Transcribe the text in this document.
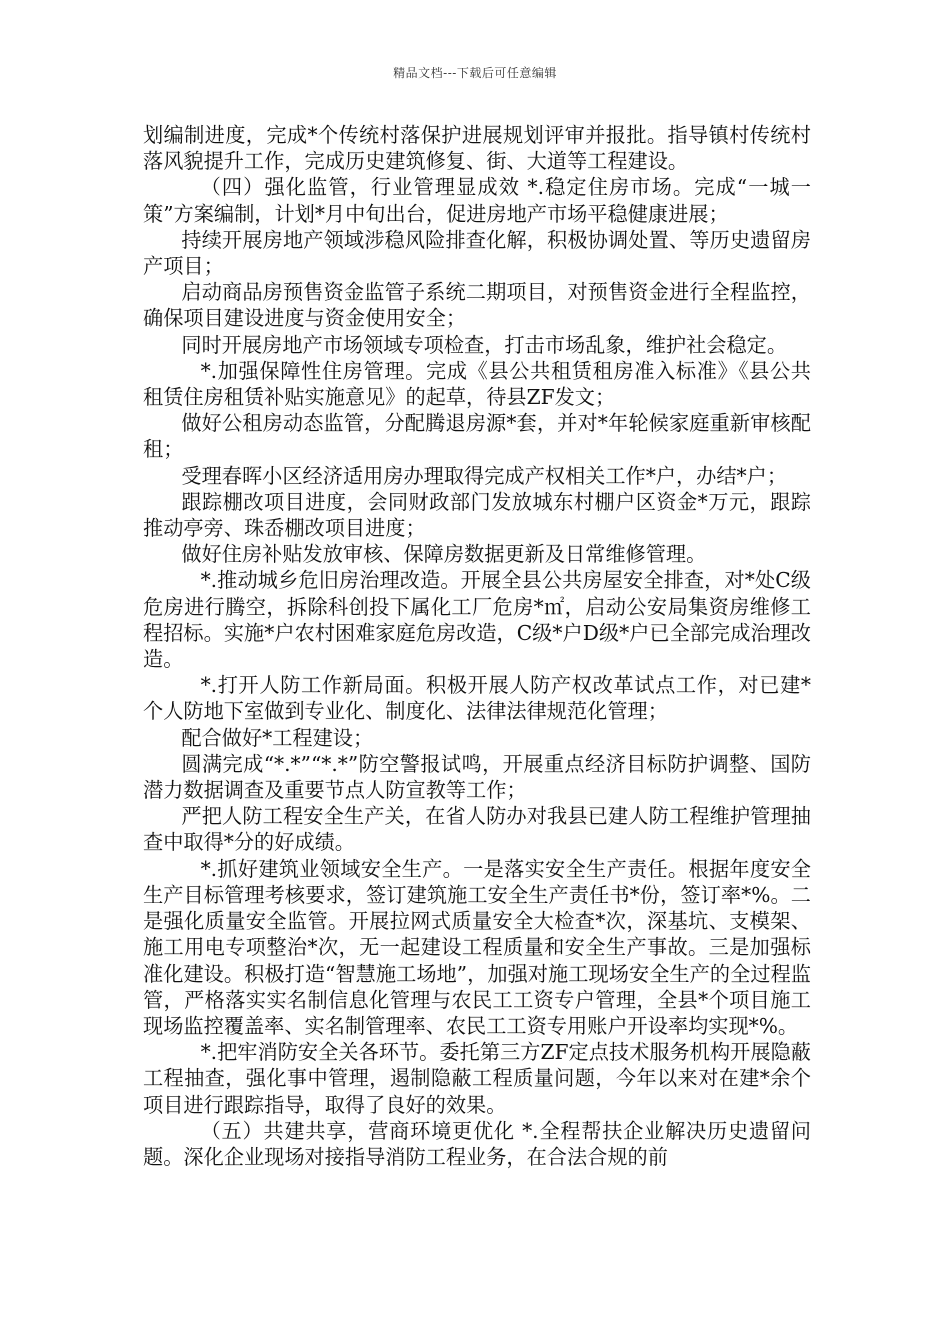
精品文档---下载后可任意编辑

划编制进度，完成*个传统村落保护进展规划评审并报批。指导镇村传统村落风貌提升工作，完成历史建筑修复、街、大道等工程建设。

（四）强化监管，行业管理显成效 *.稳定住房市场。完成“一城一策”方案编制，计划*月中旬出台，促进房地产市场平稳健康进展；

持续开展房地产领域涉稳风险排查化解，积极协调处置、等历史遗留房产项目；

启动商品房预售资金监管子系统二期项目，对预售资金进行全程监控，确保项目建设进度与资金使用安全；

同时开展房地产市场领域专项检查，打击市场乱象，维护社会稳定。

*.加强保障性住房管理。完成《县公共租赁租房准入标准》《县公共租赁住房租赁补贴实施意见》的起草，待县ZF发文；

做好公租房动态监管，分配腾退房源*套，并对*年轮候家庭重新审核配租；

受理春晖小区经济适用房办理取得完成产权相关工作*户，办结*户；

跟踪棚改项目进度，会同财政部门发放城东村棚户区资金*万元，跟踪推动亭旁、珠岙棚改项目进度；

做好住房补贴发放审核、保障房数据更新及日常维修管理。

*.推动城乡危旧房治理改造。开展全县公共房屋安全排查，对*处C级危房进行腾空，拆除科创投下属化工厂危房*㎡，启动公安局集资房维修工程招标。实施*户农村困难家庭危房改造，C级*户D级*户已全部完成治理改造。

*.打开人防工作新局面。积极开展人防产权改革试点工作，对已建*个人防地下室做到专业化、制度化、法律法律规范化管理；

配合做好*工程建设；

圆满完成“*.*”“*.*”防空警报试鸣，开展重点经济目标防护调整、国防潜力数据调查及重要节点人防宣教等工作；

严把人防工程安全生产关，在省人防办对我县已建人防工程维护管理抽查中取得*分的好成绩。

*.抓好建筑业领域安全生产。一是落实安全生产责任。根据年度安全生产目标管理考核要求，签订建筑施工安全生产责任书*份，签订率*%。二是强化质量安全监管。开展拉网式质量安全大检查*次，深基坑、支模架、施工用电专项整治*次，无一起建设工程质量和安全生产事故。三是加强标准化建设。积极打造“智慧施工场地”，加强对施工现场安全生产的全过程监管，严格落实实名制信息化管理与农民工工资专户管理，全县*个项目施工现场监控覆盖率、实名制管理率、农民工工资专用账户开设率均实现*%。

*.把牢消防安全关各环节。委托第三方ZF定点技术服务机构开展隐蔽工程抽查，强化事中管理，遏制隐蔽工程质量问题，今年以来对在建*余个项目进行跟踪指导，取得了良好的效果。

（五）共建共享，营商环境更优化 *.全程帮扶企业解决历史遗留问题。深化企业现场对接指导消防工程业务，在合法合规的前
